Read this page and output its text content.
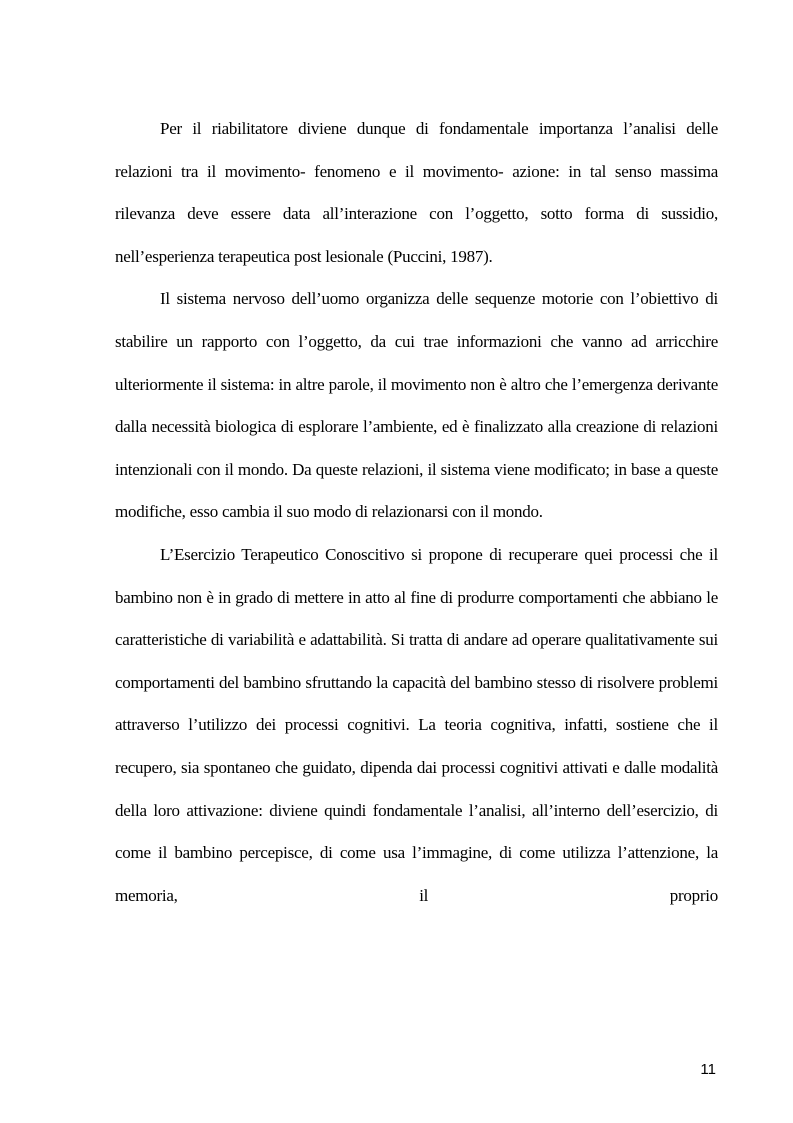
Per il riabilitatore diviene dunque di fondamentale importanza l’analisi delle relazioni tra il movimento- fenomeno e il movimento- azione: in tal senso massima rilevanza deve essere data all’interazione con l’oggetto, sotto forma di sussidio, nell’esperienza terapeutica post lesionale (Puccini, 1987).

Il sistema nervoso dell’uomo organizza delle sequenze motorie con l’obiettivo di stabilire un rapporto con l’oggetto, da cui trae informazioni che vanno ad arricchire ulteriormente il sistema: in altre parole, il movimento non è altro che l’emergenza derivante dalla necessità biologica di esplorare l’ambiente, ed è finalizzato alla creazione di relazioni intenzionali con il mondo. Da queste relazioni, il sistema viene modificato; in base a queste modifiche, esso cambia il suo modo di relazionarsi con il mondo.

L’Esercizio Terapeutico Conoscitivo si propone di recuperare quei processi che il bambino non è in grado di mettere in atto al fine di produrre comportamenti che abbiano le caratteristiche di variabilità e adattabilità. Si tratta di andare ad operare qualitativamente sui comportamenti del bambino sfruttando la capacità del bambino stesso di risolvere problemi attraverso l’utilizzo dei processi cognitivi. La teoria cognitiva, infatti, sostiene che il recupero, sia spontaneo che guidato, dipenda dai processi cognitivi attivati e dalle modalità della loro attivazione: diviene quindi fondamentale l’analisi, all’interno dell’esercizio, di come il bambino percepisce, di come usa l’immagine, di come utilizza l’attenzione, la memoria, il proprio

11
